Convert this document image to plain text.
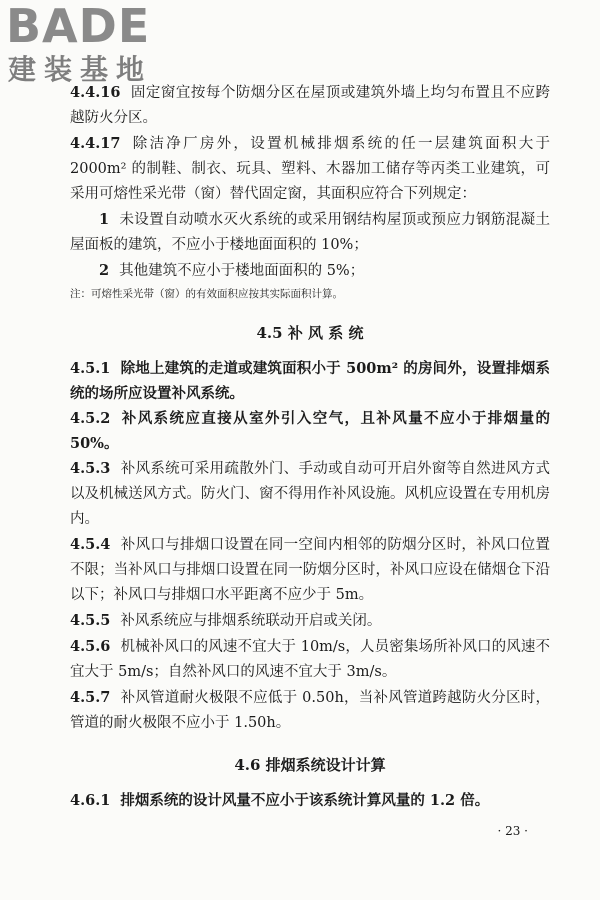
BADE
建装基地

4.4.16 固定窗宜按每个防烟分区在屋顶或建筑外墙上均匀布置且不应跨越防火分区。

4.4.17 除洁净厂房外，设置机械排烟系统的任一层建筑面积大于 2000m² 的制鞋、制衣、玩具、塑料、木器加工储存等丙类工业建筑，可采用可熔性采光带（窗）替代固定窗，其面积应符合下列规定：

1 未设置自动喷水灭火系统的或采用钢结构屋顶或预应力钢筋混凝土屋面板的建筑，不应小于楼地面面积的 10%；

2 其他建筑不应小于楼地面面积的 5%；

注：可熔性采光带（窗）的有效面积应按其实际面积计算。

4.5 补 风 系 统

4.5.1 除地上建筑的走道或建筑面积小于 500m² 的房间外，设置排烟系统的场所应设置补风系统。

4.5.2 补风系统应直接从室外引入空气，且补风量不应小于排烟量的 50%。

4.5.3 补风系统可采用疏散外门、手动或自动可开启外窗等自然进风方式以及机械送风方式。防火门、窗不得用作补风设施。风机应设置在专用机房内。

4.5.4 补风口与排烟口设置在同一空间内相邻的防烟分区时，补风口位置不限；当补风口与排烟口设置在同一防烟分区时，补风口应设在储烟仓下沿以下；补风口与排烟口水平距离不应少于 5m。

4.5.5 补风系统应与排烟系统联动开启或关闭。

4.5.6 机械补风口的风速不宜大于 10m/s，人员密集场所补风口的风速不宜大于 5m/s；自然补风口的风速不宜大于 3m/s。

4.5.7 补风管道耐火极限不应低于 0.50h，当补风管道跨越防火分区时，管道的耐火极限不应小于 1.50h。

4.6 排烟系统设计计算

4.6.1 排烟系统的设计风量不应小于该系统计算风量的 1.2 倍。

· 23 ·
